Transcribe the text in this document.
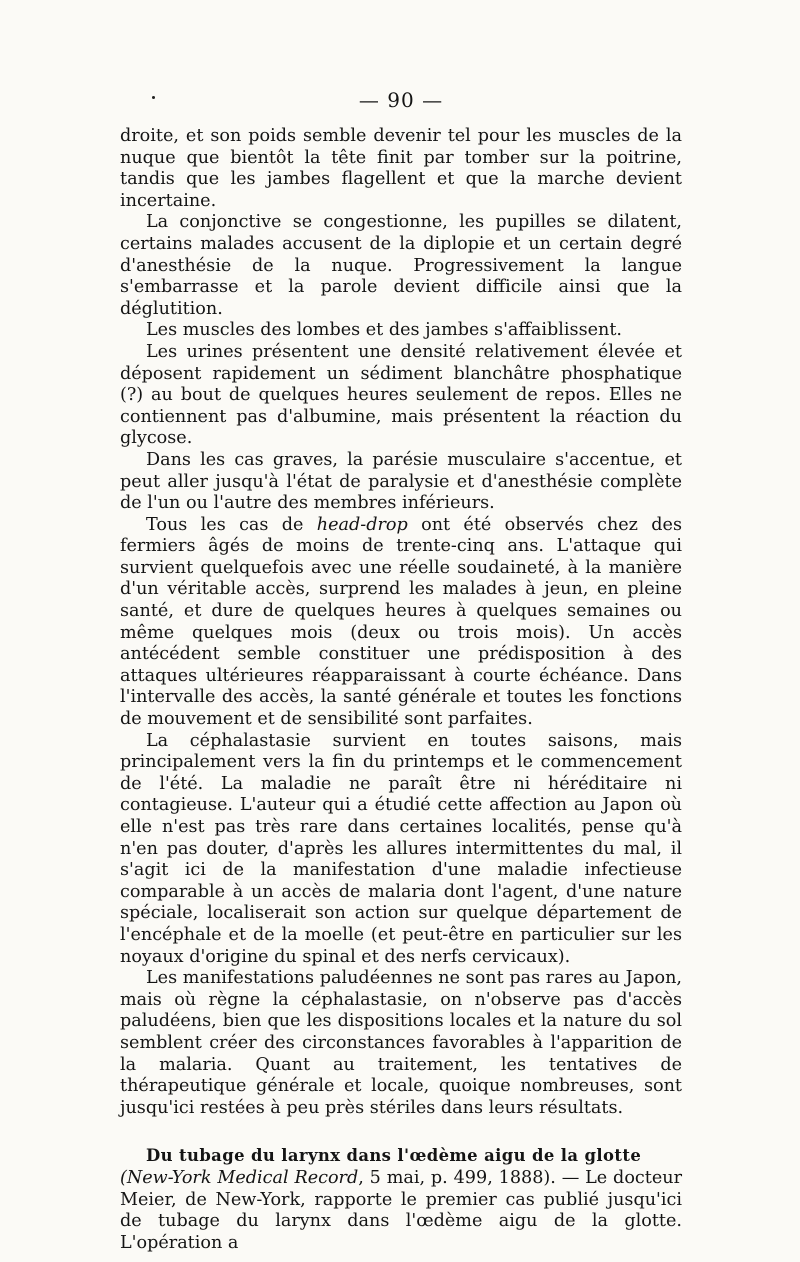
— 90 —

droite, et son poids semble devenir tel pour les muscles de la nuque que bientôt la tête finit par tomber sur la poitrine, tandis que les jambes flagellent et que la marche devient incertaine.

La conjonctive se congestionne, les pupilles se dilatent, certains malades accusent de la diplopie et un certain degré d'anesthésie de la nuque. Progressivement la langue s'embarrasse et la parole devient difficile ainsi que la déglutition.

Les muscles des lombes et des jambes s'affaiblissent.

Les urines présentent une densité relativement élevée et déposent rapidement un sédiment blanchâtre phosphatique (?) au bout de quelques heures seulement de repos. Elles ne contiennent pas d'albumine, mais présentent la réaction du glycose.

Dans les cas graves, la parésie musculaire s'accentue, et peut aller jusqu'à l'état de paralysie et d'anesthésie complète de l'un ou l'autre des membres inférieurs.

Tous les cas de head-drop ont été observés chez des fermiers âgés de moins de trente-cinq ans. L'attaque qui survient quelquefois avec une réelle soudaineté, à la manière d'un véritable accès, surprend les malades à jeun, en pleine santé, et dure de quelques heures à quelques semaines ou même quelques mois (deux ou trois mois). Un accès antécédent semble constituer une prédisposition à des attaques ultérieures réapparaissant à courte échéance. Dans l'intervalle des accès, la santé générale et toutes les fonctions de mouvement et de sensibilité sont parfaites.

La céphalastasie survient en toutes saisons, mais principalement vers la fin du printemps et le commencement de l'été. La maladie ne paraît être ni héréditaire ni contagieuse. L'auteur qui a étudié cette affection au Japon où elle n'est pas très rare dans certaines localités, pense qu'à n'en pas douter, d'après les allures intermittentes du mal, il s'agit ici de la manifestation d'une maladie infectieuse comparable à un accès de malaria dont l'agent, d'une nature spéciale, localiserait son action sur quelque département de l'encéphale et de la moelle (et peut-être en particulier sur les noyaux d'origine du spinal et des nerfs cervicaux).

Les manifestations paludéennes ne sont pas rares au Japon, mais où règne la céphalastasie, on n'observe pas d'accès paludéens, bien que les dispositions locales et la nature du sol semblent créer des circonstances favorables à l'apparition de la malaria. Quant au traitement, les tentatives de thérapeutique générale et locale, quoique nombreuses, sont jusqu'ici restées à peu près stériles dans leurs résultats.

Du tubage du larynx dans l'œdème aigu de la glotte
(New-York Medical Record, 5 mai, p. 499, 1888). — Le docteur Meier, de New-York, rapporte le premier cas publié jusqu'ici de tubage du larynx dans l'œdème aigu de la glotte. L'opération a
